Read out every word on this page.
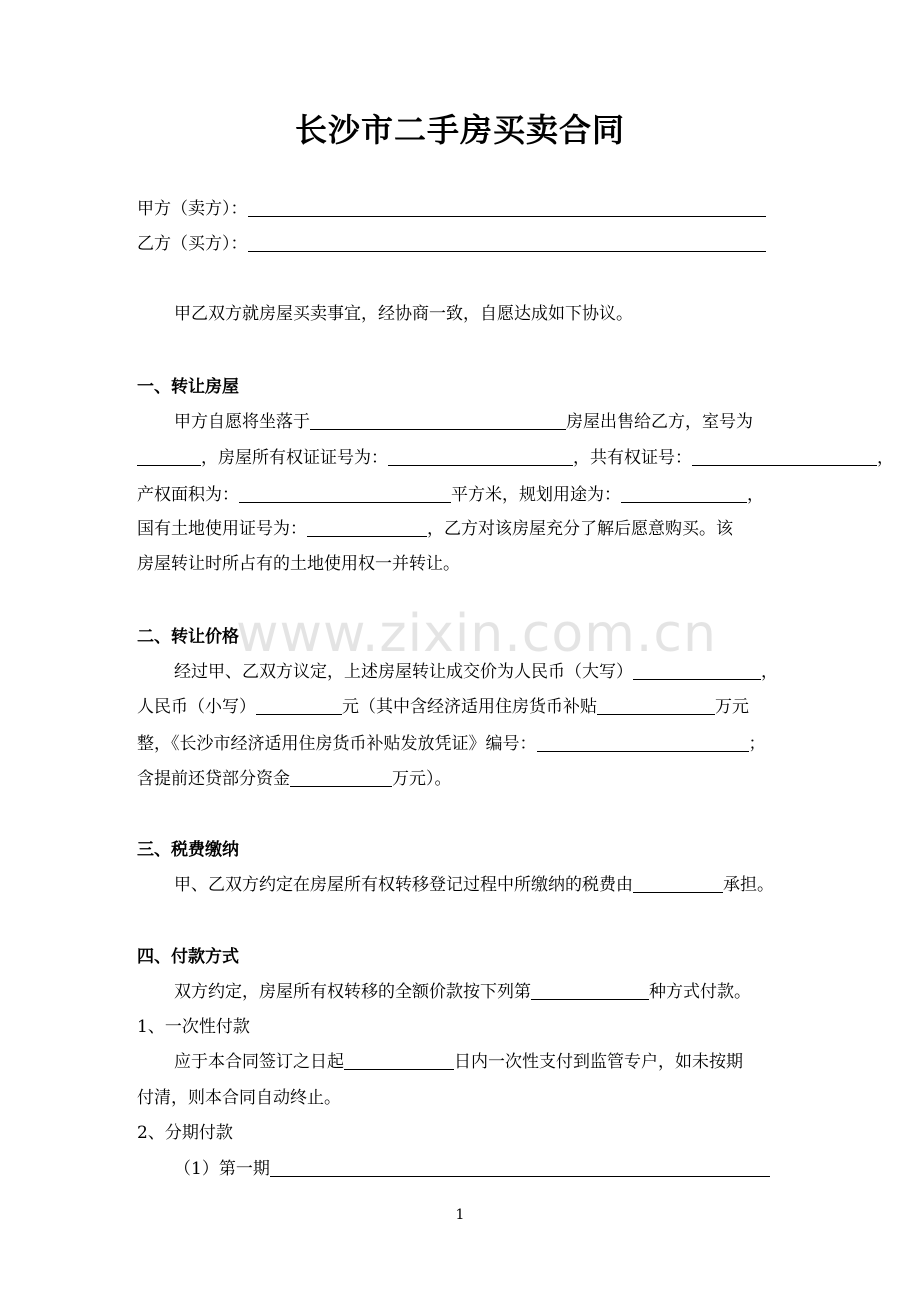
长沙市二手房买卖合同
甲方（卖方）：
乙方（买方）：
甲乙双方就房屋买卖事宜，经协商一致，自愿达成如下协议。
一、转让房屋
甲方自愿将坐落于	房屋出售给乙方，室号为
，房屋所有权证证号为：	，共有权证号：	，
产权面积为：	平方米，规划用途为：	，
国有土地使用证号为：	，乙方对该房屋充分了解后愿意购买。该
房屋转让时所占有的土地使用权一并转让。
二、转让价格
经过甲、乙双方议定，上述房屋转让成交价为人民币（大写）	，
人民币（小写）	元（其中含经济适用住房货币补贴	万元
整，《长沙市经济适用住房货币补贴发放凭证》编号：	；
含提前还贷部分资金	万元）。
三、税费缴纳
甲、乙双方约定在房屋所有权转移登记过程中所缴纳的税费由	承担。
四、付款方式
双方约定，房屋所有权转移的全额价款按下列第	种方式付款。
1、一次性付款
应于本合同签订之日起	日内一次性支付到监管专户，如未按期
付清，则本合同自动终止。
2、分期付款
（1）第一期
www.zixin.com.cn
1
